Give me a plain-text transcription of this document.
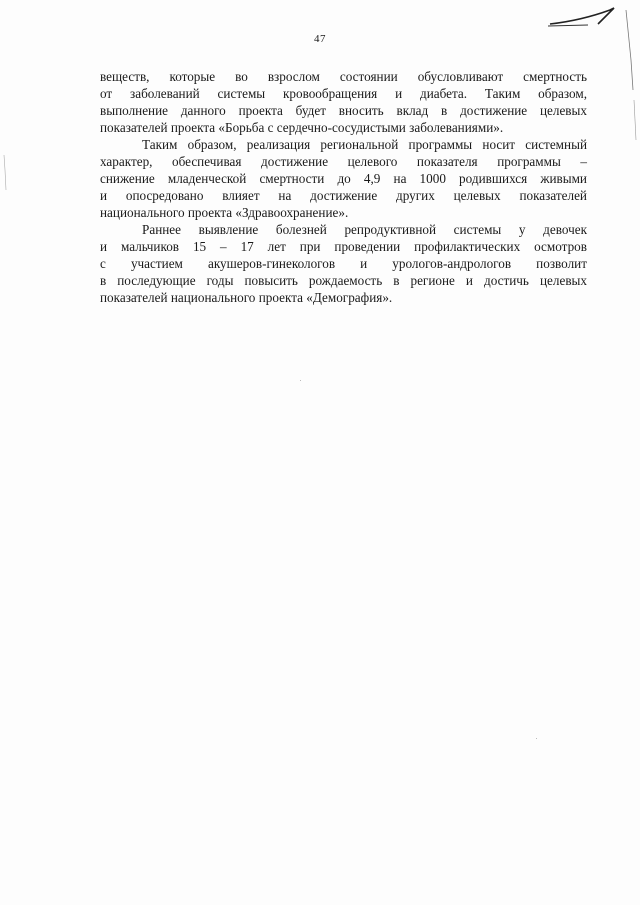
47

веществ, которые во взрослом состоянии обусловливают смертность
от заболеваний системы кровообращения и диабета. Таким образом,
выполнение данного проекта будет вносить вклад в достижение целевых
показателей проекта «Борьба с сердечно-сосудистыми заболеваниями».

Таким образом, реализация региональной программы носит системный
характер, обеспечивая достижение целевого показателя программы –
снижение младенческой смертности до 4,9 на 1000 родившихся живыми
и опосредовано влияет на достижение других целевых показателей
национального проекта «Здравоохранение».

Раннее выявление болезней репродуктивной системы у девочек
и мальчиков 15 – 17 лет при проведении профилактических осмотров
с участием акушеров-гинекологов и урологов-андрологов позволит
в последующие годы повысить рождаемость в регионе и достичь целевых
показателей национального проекта «Демография».
